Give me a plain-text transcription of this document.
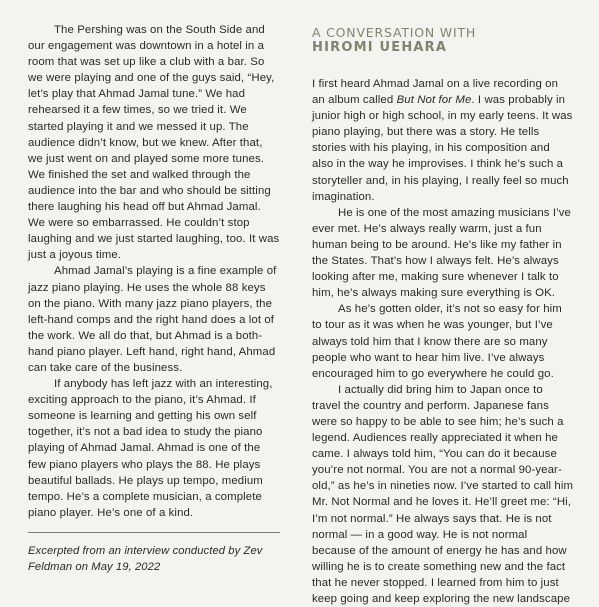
The Pershing was on the South Side and our engagement was downtown in a hotel in a room that was set up like a club with a bar. So we were playing and one of the guys said, “Hey, let’s play that Ahmad Jamal tune.” We had rehearsed it a few times, so we tried it. We started playing it and we messed it up. The audience didn’t know, but we knew. After that, we just went on and played some more tunes. We finished the set and walked through the audience into the bar and who should be sitting there laughing his head off but Ahmad Jamal. We were so embarrassed. He couldn’t stop laughing and we just started laughing, too. It was just a joyous time.

Ahmad Jamal’s playing is a fine example of jazz piano playing. He uses the whole 88 keys on the piano. With many jazz piano players, the left-hand comps and the right hand does a lot of the work. We all do that, but Ahmad is a both-hand piano player. Left hand, right hand, Ahmad can take care of the business.

If anybody has left jazz with an interesting, exciting approach to the piano, it’s Ahmad. If someone is learning and getting his own self together, it’s not a bad idea to study the piano playing of Ahmad Jamal. Ahmad is one of the few piano players who plays the 88. He plays beautiful ballads. He plays up tempo, medium tempo. He’s a complete musician, a complete piano player. He’s one of a kind.

Excerpted from an interview conducted by Zev Feldman on May 19, 2022

A CONVERSATION WITH
HIROMI UEHARA

I first heard Ahmad Jamal on a live recording on an album called But Not for Me. I was probably in junior high or high school, in my early teens. It was piano playing, but there was a story. He tells stories with his playing, in his composition and also in the way he improvises. I think he’s such a storyteller and, in his playing, I really feel so much imagination.

He is one of the most amazing musicians I’ve ever met. He’s always really warm, just a fun human being to be around. He’s like my father in the States. That’s how I always felt. He’s always looking after me, making sure whenever I talk to him, he’s always making sure everything is OK.

As he’s gotten older, it’s not so easy for him to tour as it was when he was younger, but I’ve always told him that I know there are so many people who want to hear him live. I’ve always encouraged him to go everywhere he could go.

I actually did bring him to Japan once to travel the country and perform. Japanese fans were so happy to be able to see him; he’s such a legend. Audiences really appreciated it when he came. I always told him, “You can do it because you’re not normal. You are not a normal 90-year-old,” as he’s in nineties now. I’ve started to call him Mr. Not Normal and he loves it. He’ll greet me: “Hi, I’m not normal.” He always says that. He is not normal — in a good way. He is not normal because of the amount of energy he has and how willing he is to create something new and the fact that he never stopped. I learned from him to just keep going and keep exploring the new landscape
